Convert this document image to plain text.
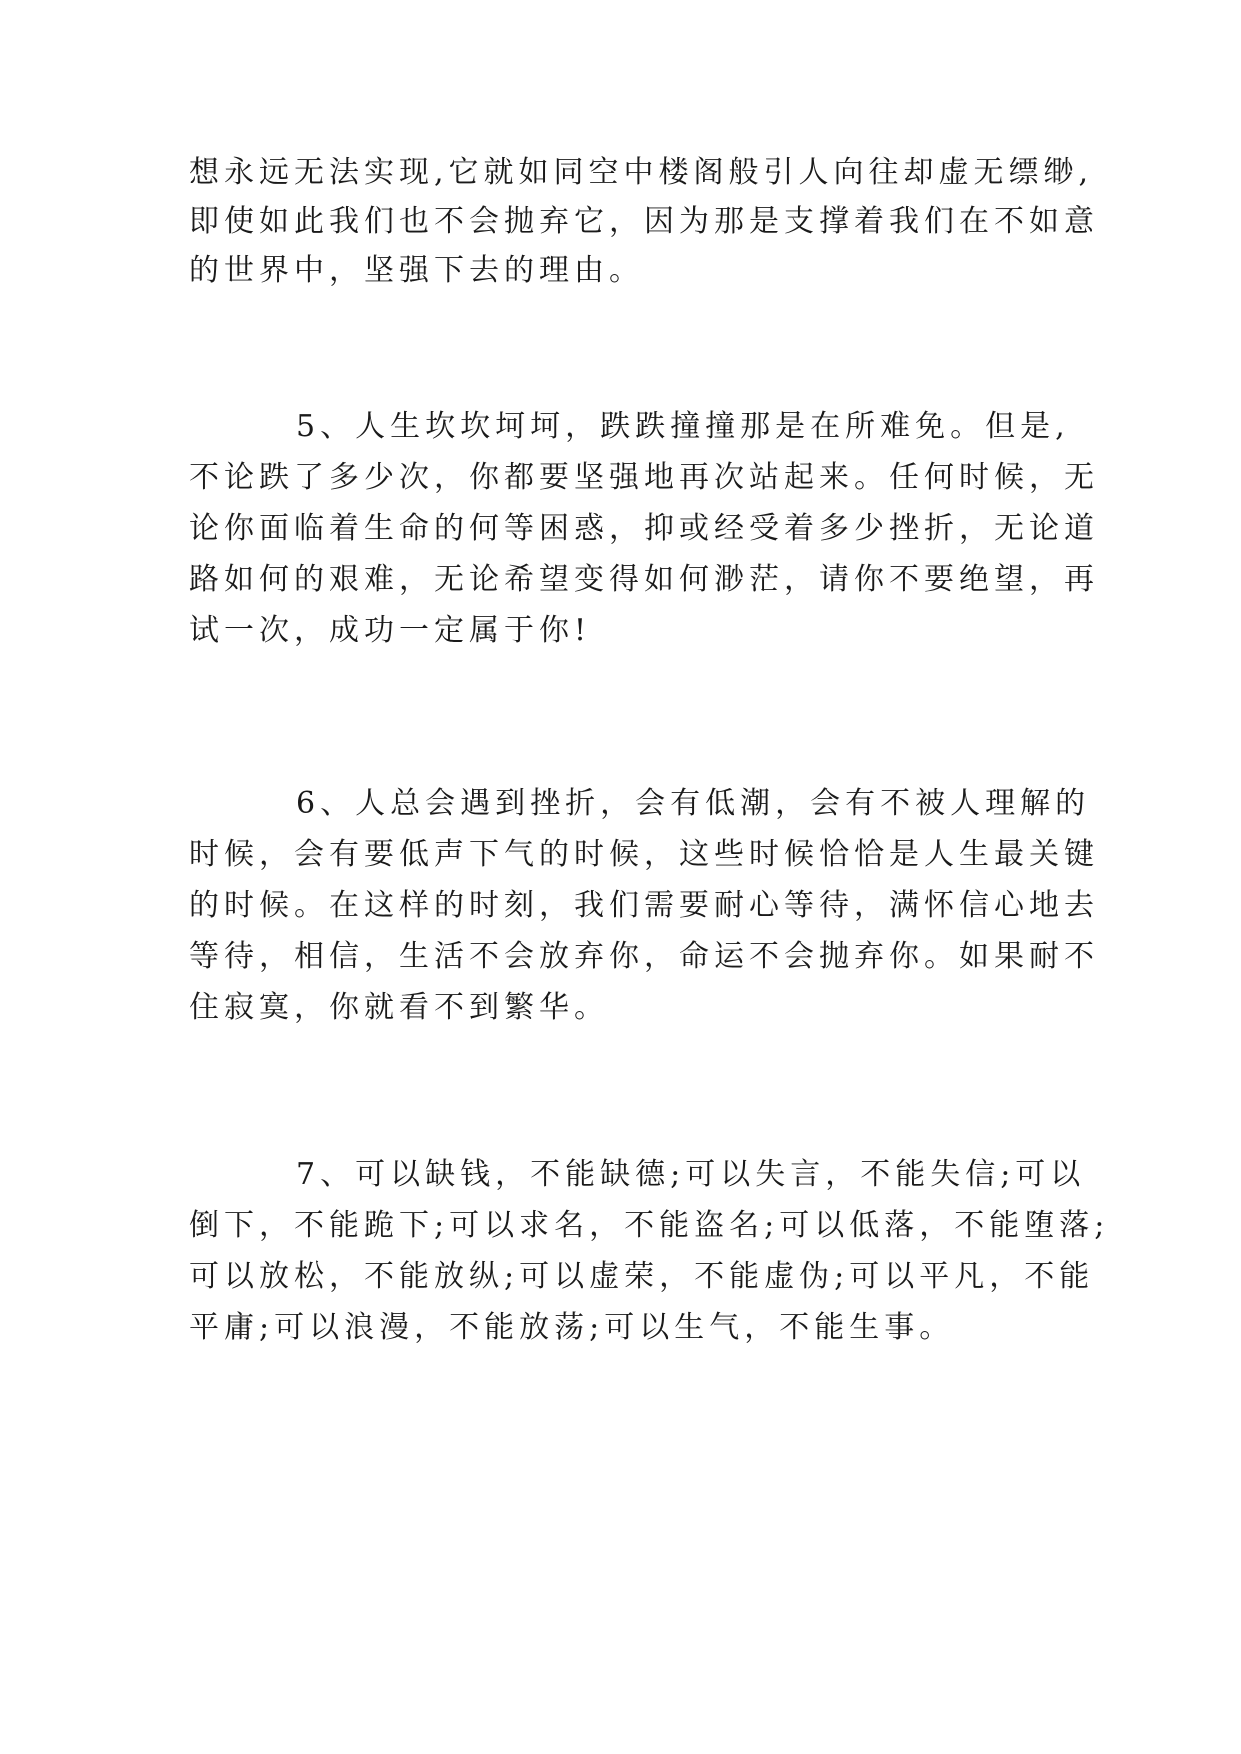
想永远无法实现,它就如同空中楼阁般引人向往却虚无缥缈,
即使如此我们也不会抛弃它，因为那是支撑着我们在不如意
的世界中，坚强下去的理由。
5、人生坎坎坷坷，跌跌撞撞那是在所难免。但是,
不论跌了多少次，你都要坚强地再次站起来。任何时候，无
论你面临着生命的何等困惑，抑或经受着多少挫折，无论道
路如何的艰难，无论希望变得如何渺茫，请你不要绝望，再
试一次，成功一定属于你!
6、人总会遇到挫折，会有低潮，会有不被人理解的
时候，会有要低声下气的时候，这些时候恰恰是人生最关键
的时候。在这样的时刻，我们需要耐心等待，满怀信心地去
等待，相信，生活不会放弃你，命运不会抛弃你。如果耐不
住寂寞，你就看不到繁华。
7、可以缺钱，不能缺德;可以失言，不能失信;可以
倒下，不能跪下;可以求名，不能盗名;可以低落，不能堕落;
可以放松，不能放纵;可以虚荣，不能虚伪;可以平凡，不能
平庸;可以浪漫，不能放荡;可以生气，不能生事。
